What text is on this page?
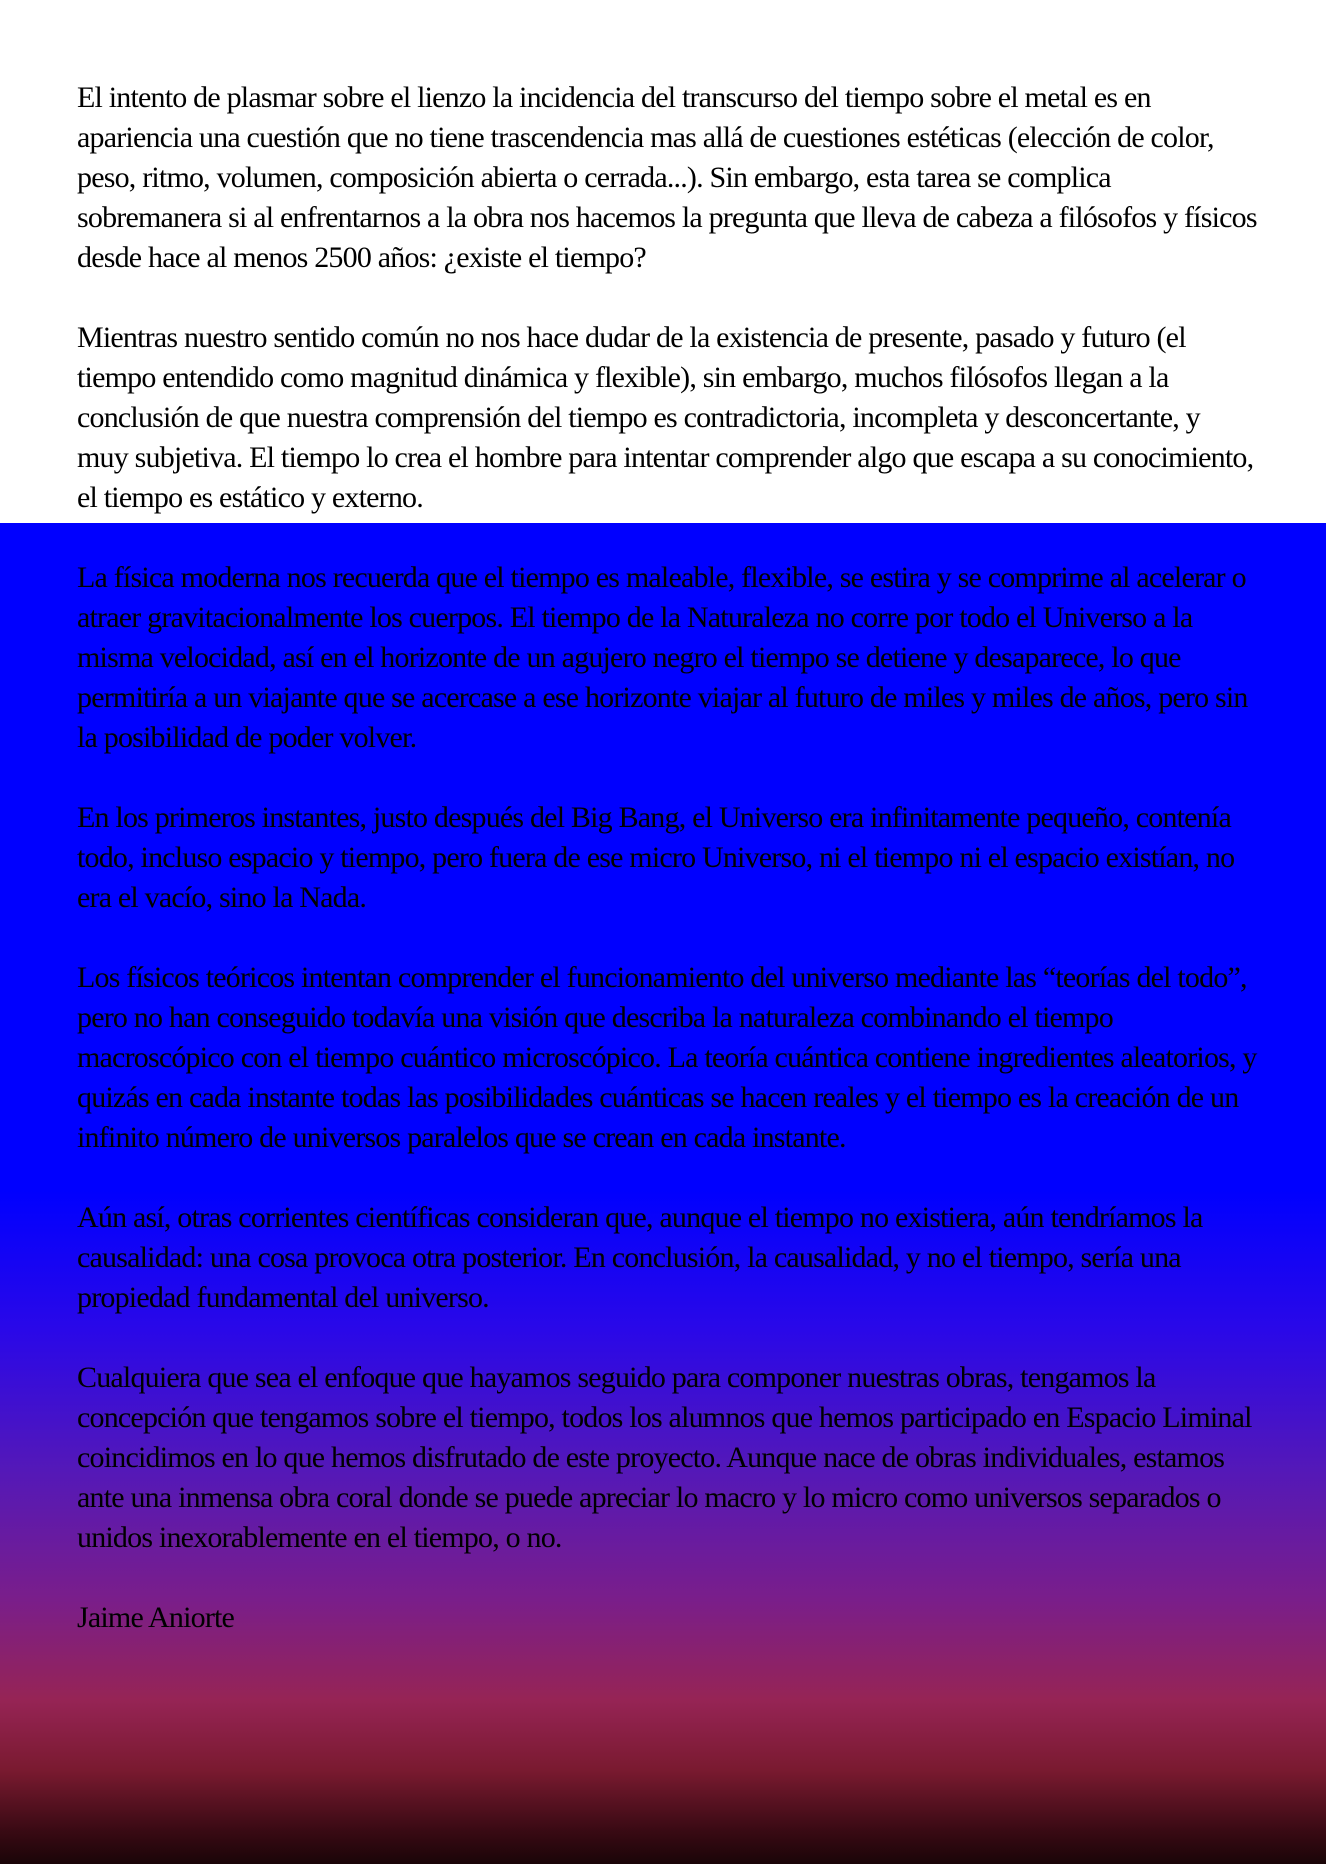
El intento de plasmar sobre el lienzo la incidencia del transcurso del tiempo sobre el metal es en apariencia una cuestión que no tiene trascendencia mas allá de cuestiones estéticas (elección de color, peso, ritmo, volumen, composición abierta o cerrada...). Sin embargo, esta tarea se complica sobremanera si al enfrentarnos a la obra nos hacemos la pregunta que lleva de cabeza a filósofos y físicos desde hace al menos 2500 años: ¿existe el tiempo?

Mientras nuestro sentido común no nos hace dudar de la existencia de presente, pasado y futuro (el tiempo entendido como magnitud dinámica y flexible), sin embargo, muchos filósofos llegan a la conclusión de que nuestra comprensión del tiempo es contradictoria, incompleta y desconcertante, y muy subjetiva. El tiempo lo crea el hombre para intentar comprender algo que escapa a su conocimiento, el tiempo es estático y externo.

La física moderna nos recuerda que el tiempo es maleable, flexible, se estira y se comprime al acelerar o atraer gravitacionalmente los cuerpos. El tiempo de la Naturaleza no corre por todo el Universo a la misma velocidad, así en el horizonte de un agujero negro el tiempo se detiene y desaparece, lo que permitiría a un viajante que se acercase a ese horizonte viajar al futuro de miles y miles de años, pero sin la posibilidad de poder volver.

En los primeros instantes, justo después del Big Bang, el Universo era infinitamente pequeño, contenía todo, incluso espacio y tiempo, pero fuera de ese micro Universo, ni el tiempo ni el espacio existían, no era el vacío, sino la Nada.

Los físicos teóricos intentan comprender el funcionamiento del universo mediante las “teorías del todo”, pero no han conseguido todavía una visión que describa la naturaleza combinando el tiempo macroscópico con el tiempo cuántico microscópico. La teoría cuántica contiene ingredientes aleatorios, y quizás en cada instante todas las posibilidades cuánticas se hacen reales y el tiempo es la creación de un infinito número de universos paralelos que se crean en cada instante.

Aún así, otras corrientes científicas consideran que, aunque el tiempo no existiera, aún tendríamos la causalidad: una cosa provoca otra posterior. En conclusión, la causalidad, y no el tiempo, sería una propiedad fundamental del universo.

Cualquiera que sea el enfoque que hayamos seguido para componer nuestras obras, tengamos la concepción que tengamos sobre el tiempo, todos los alumnos que hemos participado en Espacio Liminal coincidimos en lo que hemos disfrutado de este proyecto. Aunque nace de obras individuales, estamos ante una inmensa obra coral donde se puede apreciar lo macro y lo micro como universos separados o unidos inexorablemente en el tiempo, o no.

Jaime Aniorte
